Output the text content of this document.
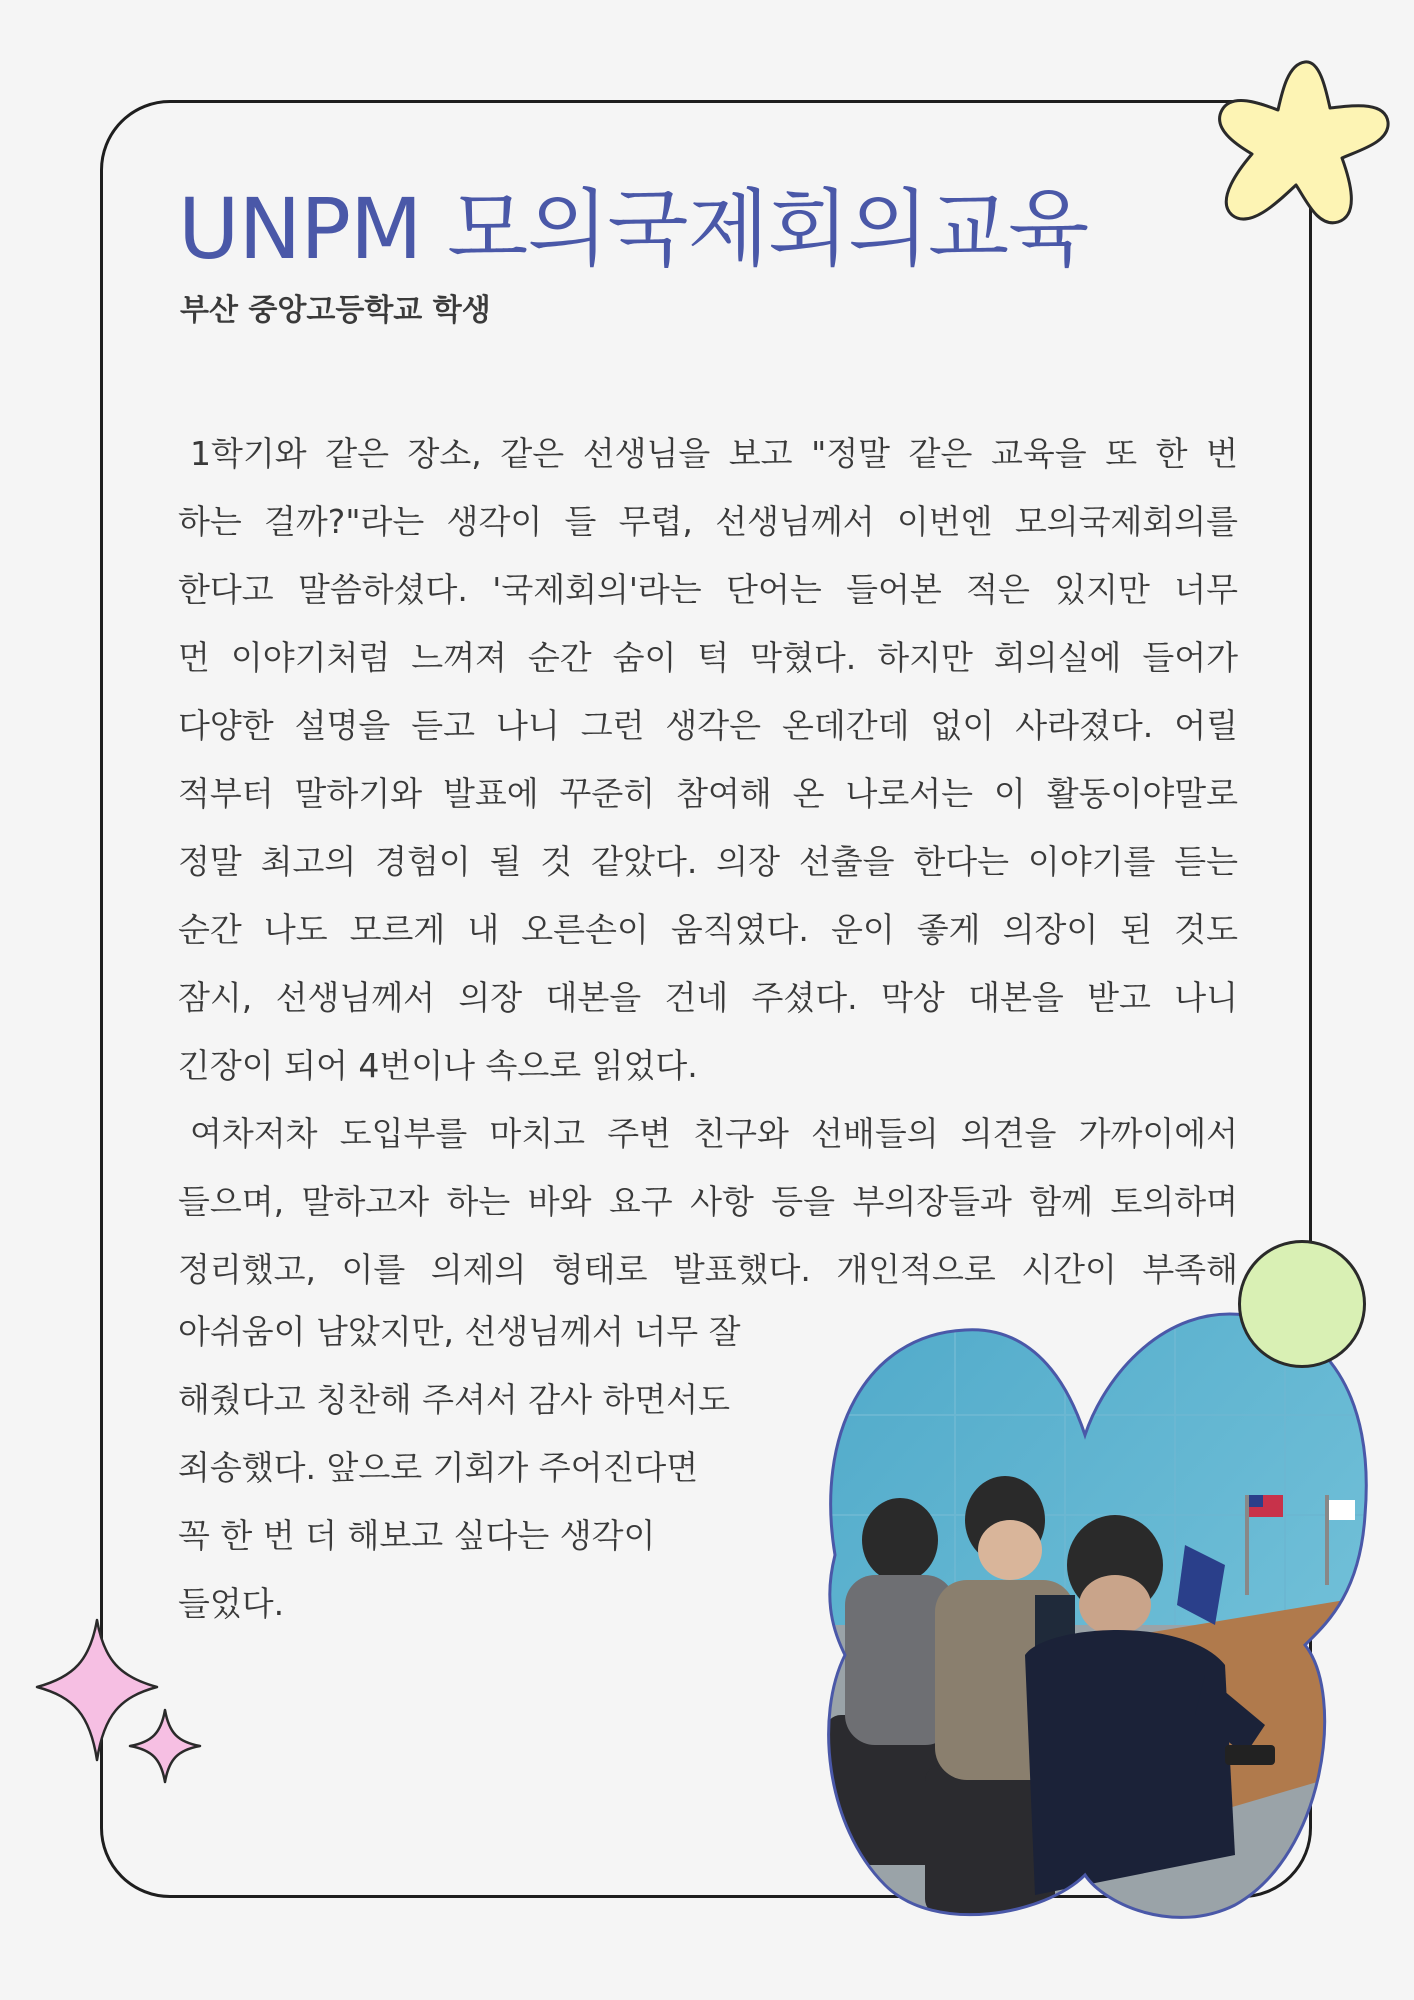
UNPM 모의국제회의교육

부산 중앙고등학교 학생

1학기와 같은 장소, 같은 선생님을 보고 "정말 같은 교육을 또 한 번
하는 걸까?"라는 생각이 들 무렵, 선생님께서 이번엔 모의국제회의를
한다고 말씀하셨다. '국제회의'라는 단어는 들어본 적은 있지만 너무
먼 이야기처럼 느껴져 순간 숨이 턱 막혔다. 하지만 회의실에 들어가
다양한 설명을 듣고 나니 그런 생각은 온데간데 없이 사라졌다. 어릴
적부터 말하기와 발표에 꾸준히 참여해 온 나로서는 이 활동이야말로
정말 최고의 경험이 될 것 같았다. 의장 선출을 한다는 이야기를 듣는
순간 나도 모르게 내 오른손이 움직였다. 운이 좋게 의장이 된 것도
잠시, 선생님께서 의장 대본을 건네 주셨다. 막상 대본을 받고 나니
긴장이 되어 4번이나 속으로 읽었다.
여차저차 도입부를 마치고 주변 친구와 선배들의 의견을 가까이에서
들으며, 말하고자 하는 바와 요구 사항 등을 부의장들과 함께 토의하며
정리했고, 이를 의제의 형태로 발표했다. 개인적으로 시간이 부족해

아쉬움이 남았지만, 선생님께서 너무 잘
해줬다고 칭찬해 주셔서 감사 하면서도
죄송했다. 앞으로 기회가 주어진다면
꼭 한 번 더 해보고 싶다는 생각이
들었다.
